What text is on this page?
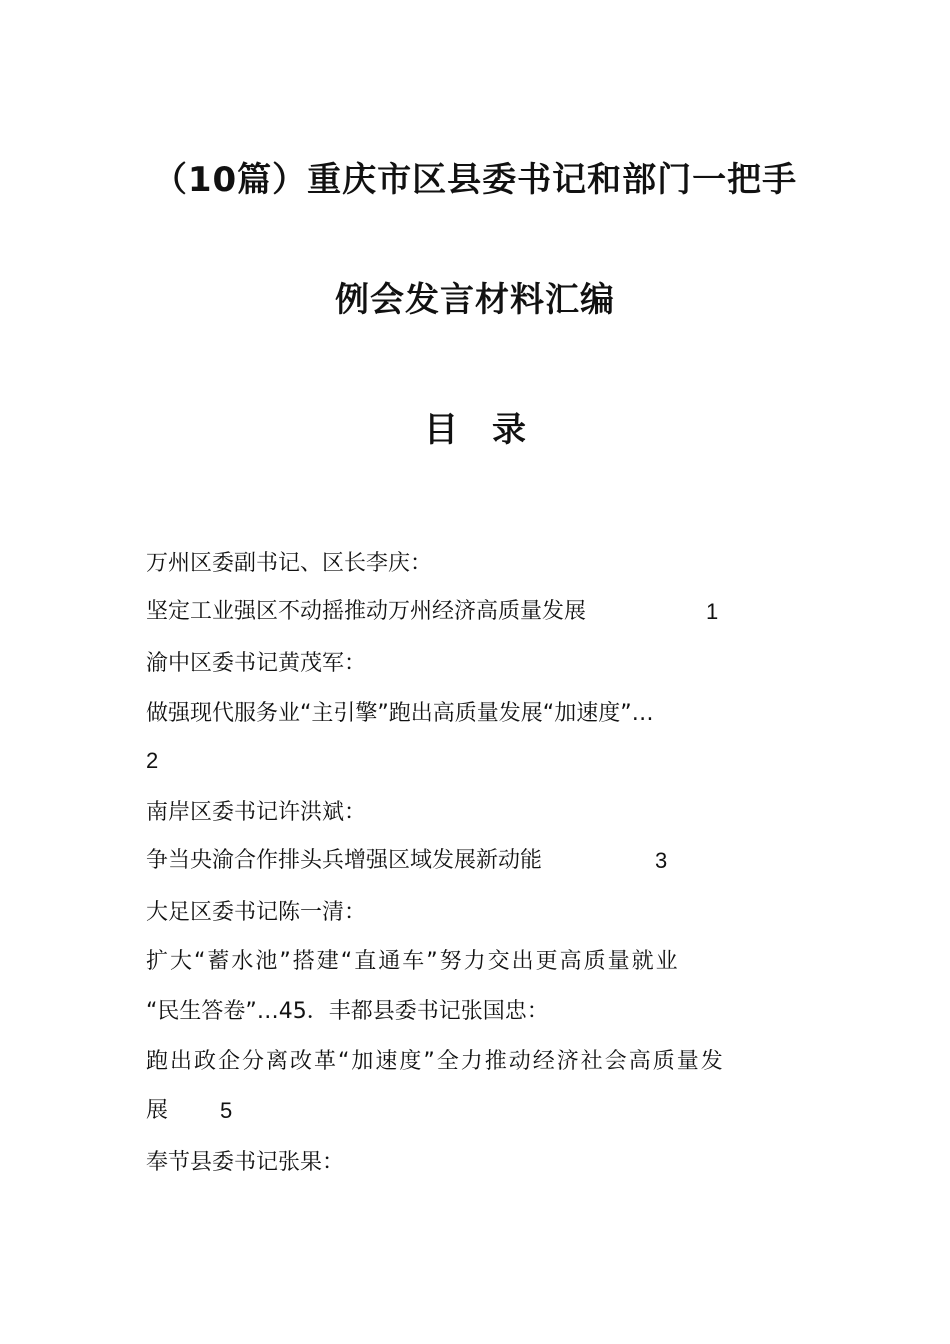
（10篇）重庆市区县委书记和部门一把手
例会发言材料汇编
目　录
万州区委副书记、区长李庆：
坚定工业强区不动摇推动万州经济高质量发展	1
渝中区委书记黄茂军：
做强现代服务业“主引擎”跑出高质量发展“加速度”…
2
南岸区委书记许洪斌：
争当央渝合作排头兵增强区域发展新动能	3
大足区委书记陈一清：
扩大“蓄水池”搭建“直通车”努力交出更高质量就业
“民生答卷”…45．丰都县委书记张国忠：
跑出政企分离改革“加速度”全力推动经济社会高质量发
展 5
奉节县委书记张果：
